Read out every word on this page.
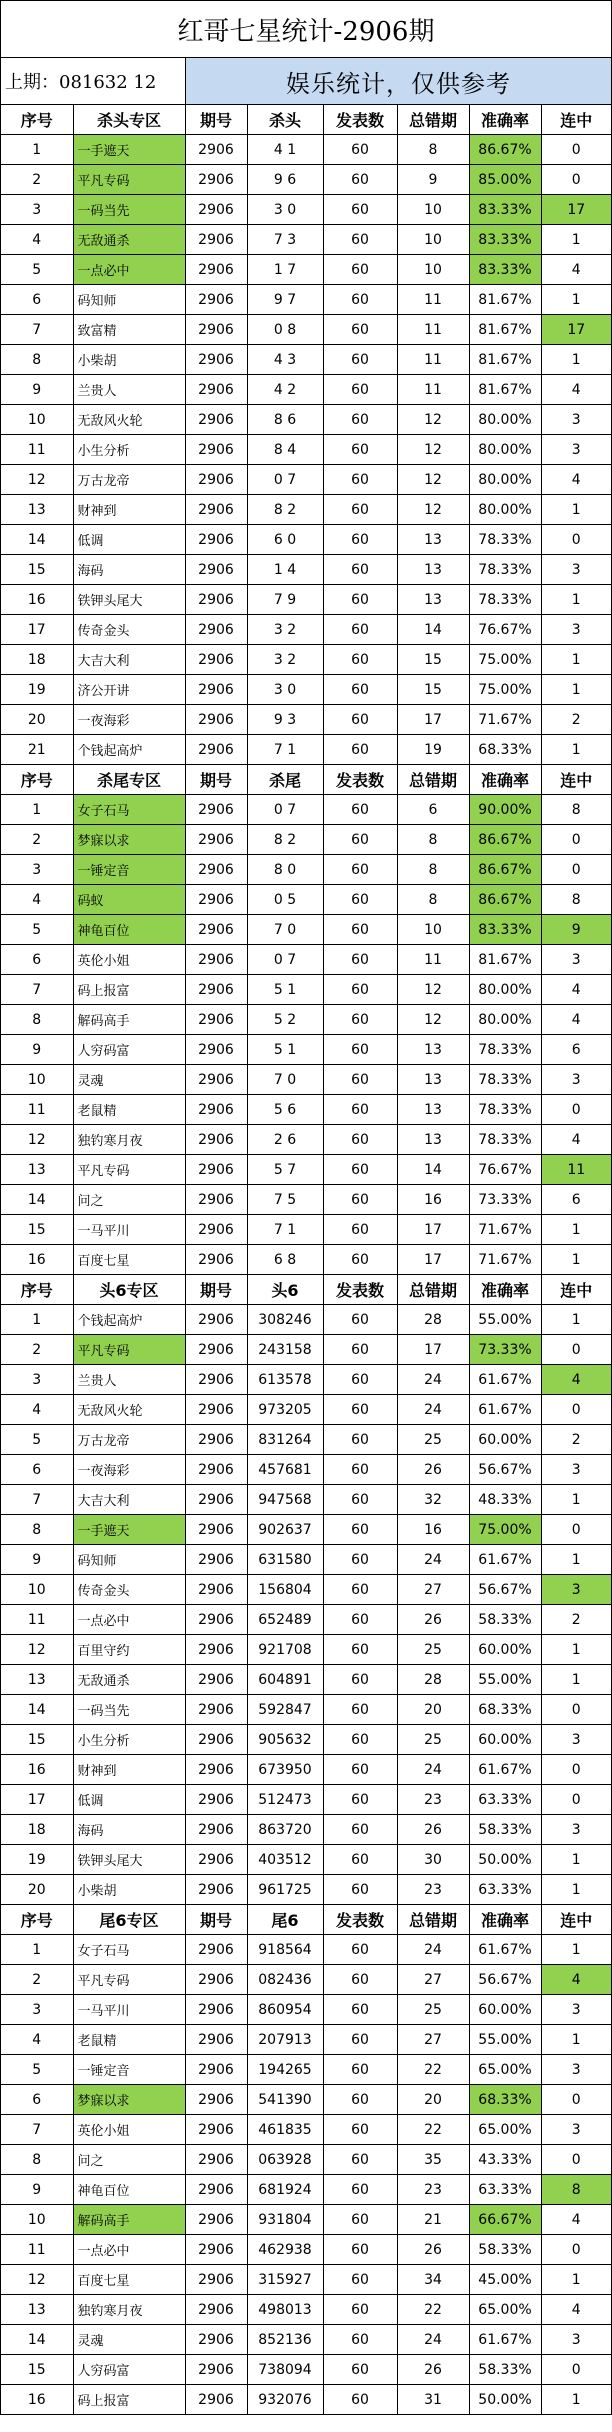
红哥七星统计-2906期
上期：081632 12	娱乐统计，仅供参考
序号	杀头专区	期号	杀头	发表数	总错期	准确率	连中
1	一手遮天	2906	4 1	60	8	86.67%	0
2	平凡专码	2906	9 6	60	9	85.00%	0
3	一码当先	2906	3 0	60	10	83.33%	17
4	无敌通杀	2906	7 3	60	10	83.33%	1
5	一点必中	2906	1 7	60	10	83.33%	4
6	码知师	2906	9 7	60	11	81.67%	1
7	致富精	2906	0 8	60	11	81.67%	17
8	小柴胡	2906	4 3	60	11	81.67%	1
9	兰贵人	2906	4 2	60	11	81.67%	4
10	无敌风火轮	2906	8 6	60	12	80.00%	3
11	小生分析	2906	8 4	60	12	80.00%	3
12	万古龙帝	2906	0 7	60	12	80.00%	4
13	财神到	2906	8 2	60	12	80.00%	1
14	低调	2906	6 0	60	13	78.33%	0
15	海码	2906	1 4	60	13	78.33%	3
16	铁钾头尾大	2906	7 9	60	13	78.33%	1
17	传奇金头	2906	3 2	60	14	76.67%	3
18	大吉大利	2906	3 2	60	15	75.00%	1
19	济公开讲	2906	3 0	60	15	75.00%	1
20	一夜海彩	2906	9 3	60	17	71.67%	2
21	个钱起高炉	2906	7 1	60	19	68.33%	1
序号	杀尾专区	期号	杀尾	发表数	总错期	准确率	连中
1	女子石马	2906	0 7	60	6	90.00%	8
2	梦寐以求	2906	8 2	60	8	86.67%	0
3	一锤定音	2906	8 0	60	8	86.67%	0
4	码蚁	2906	0 5	60	8	86.67%	8
5	神龟百位	2906	7 0	60	10	83.33%	9
6	英伦小姐	2906	0 7	60	11	81.67%	3
7	码上报富	2906	5 1	60	12	80.00%	4
8	解码高手	2906	5 2	60	12	80.00%	4
9	人穷码富	2906	5 1	60	13	78.33%	6
10	灵魂	2906	7 0	60	13	78.33%	3
11	老鼠精	2906	5 6	60	13	78.33%	0
12	独钓寒月夜	2906	2 6	60	13	78.33%	4
13	平凡专码	2906	5 7	60	14	76.67%	11
14	问之	2906	7 5	60	16	73.33%	6
15	一马平川	2906	7 1	60	17	71.67%	1
16	百度七星	2906	6 8	60	17	71.67%	1
序号	头6专区	期号	头6	发表数	总错期	准确率	连中
1	个钱起高炉	2906	308246	60	28	55.00%	1
2	平凡专码	2906	243158	60	17	73.33%	0
3	兰贵人	2906	613578	60	24	61.67%	4
4	无敌风火轮	2906	973205	60	24	61.67%	0
5	万古龙帝	2906	831264	60	25	60.00%	2
6	一夜海彩	2906	457681	60	26	56.67%	3
7	大吉大利	2906	947568	60	32	48.33%	1
8	一手遮天	2906	902637	60	16	75.00%	0
9	码知师	2906	631580	60	24	61.67%	1
10	传奇金头	2906	156804	60	27	56.67%	3
11	一点必中	2906	652489	60	26	58.33%	2
12	百里守约	2906	921708	60	25	60.00%	1
13	无敌通杀	2906	604891	60	28	55.00%	1
14	一码当先	2906	592847	60	20	68.33%	0
15	小生分析	2906	905632	60	25	60.00%	3
16	财神到	2906	673950	60	24	61.67%	0
17	低调	2906	512473	60	23	63.33%	0
18	海码	2906	863720	60	26	58.33%	3
19	铁钾头尾大	2906	403512	60	30	50.00%	1
20	小柴胡	2906	961725	60	23	63.33%	1
序号	尾6专区	期号	尾6	发表数	总错期	准确率	连中
1	女子石马	2906	918564	60	24	61.67%	1
2	平凡专码	2906	082436	60	27	56.67%	4
3	一马平川	2906	860954	60	25	60.00%	3
4	老鼠精	2906	207913	60	27	55.00%	1
5	一锤定音	2906	194265	60	22	65.00%	3
6	梦寐以求	2906	541390	60	20	68.33%	0
7	英伦小姐	2906	461835	60	22	65.00%	3
8	问之	2906	063928	60	35	43.33%	0
9	神龟百位	2906	681924	60	23	63.33%	8
10	解码高手	2906	931804	60	21	66.67%	4
11	一点必中	2906	462938	60	26	58.33%	0
12	百度七星	2906	315927	60	34	45.00%	1
13	独钓寒月夜	2906	498013	60	22	65.00%	4
14	灵魂	2906	852136	60	24	61.67%	3
15	人穷码富	2906	738094	60	26	58.33%	0
16	码上报富	2906	932076	60	31	50.00%	1
